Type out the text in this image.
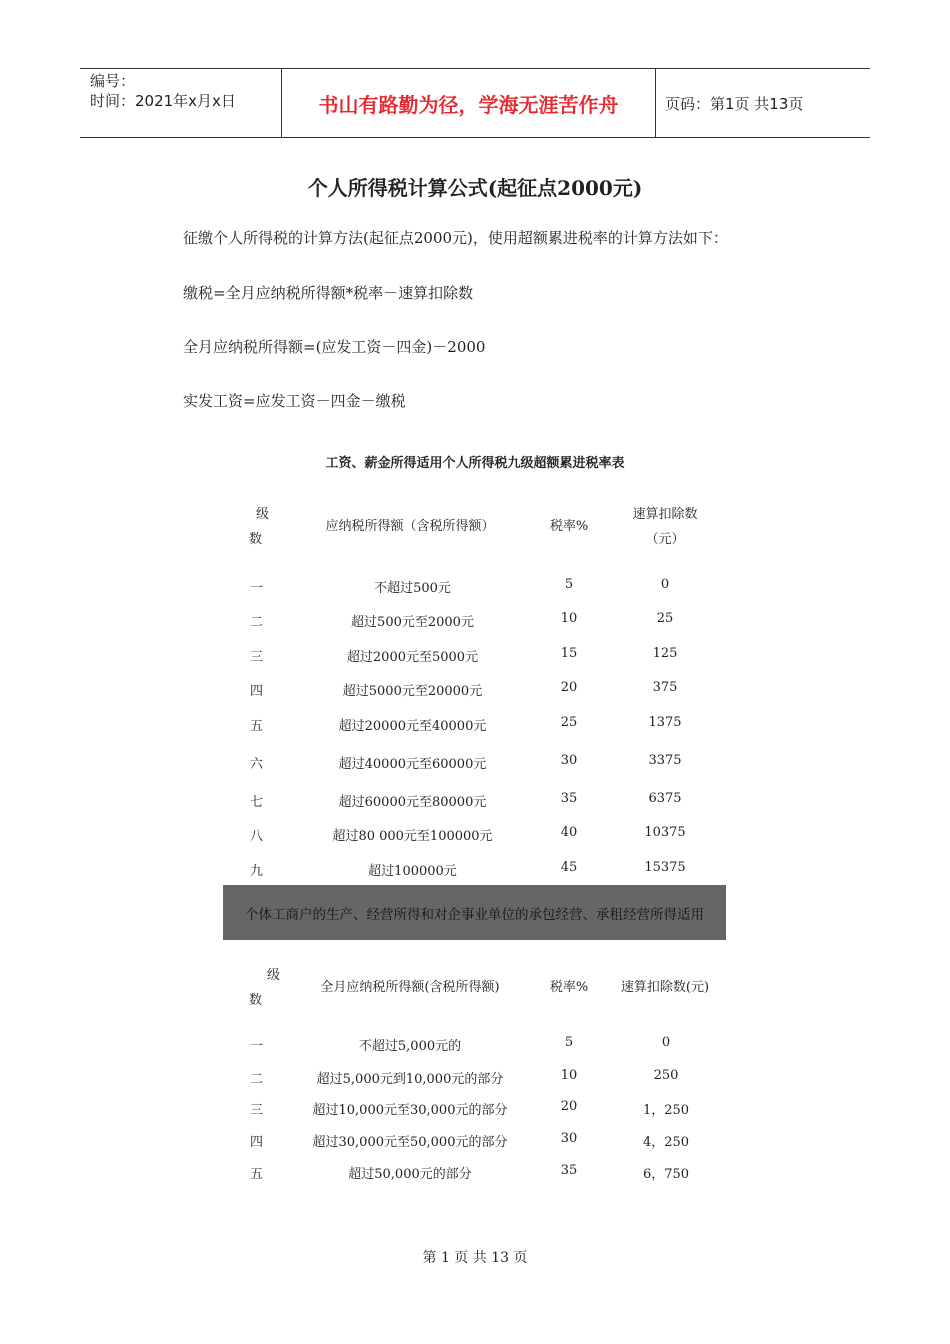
编号：
时间：2021年x月x日	书山有路勤为径，学海无涯苦作舟	页码：第1页 共13页
个人所得税计算公式(起征点2000元)
征缴个人所得税的计算方法(起征点2000元)，使用超额累进税率的计算方法如下：
缴税=全月应纳税所得额*税率－速算扣除数
全月应纳税所得额=(应发工资－四金)－2000
实发工资=应发工资－四金－缴税
工资、薪金所得适用个人所得税九级超额累进税率表
级
数
应纳税所得额（含税所得额）	税率%
速算扣除数
（元）
一	不超过500元	5	0
二	超过500元至2000元	10	25
三	超过2000元至5000元	15	125
四	超过5000元至20000元	20	375
五	超过20000元至40000元	25	1375
六	超过40000元至60000元	30	3375
七	超过60000元至80000元	35	6375
八	超过80 000元至100000元	40	10375
九	超过100000元	45	15375
个体工商户的生产、经营所得和对企事业单位的承包经营、承租经营所得适用
级
数
全月应纳税所得额(含税所得额)	税率%	速算扣除数(元)
一	不超过5,000元的	5	0
二	超过5,000元到10,000元的部分	10	250
三	超过10,000元至30,000元的部分	20	1，250
四	超过30,000元至50,000元的部分	30	4，250
五	超过50,000元的部分	35	6，750
第 1 页 共 13 页
